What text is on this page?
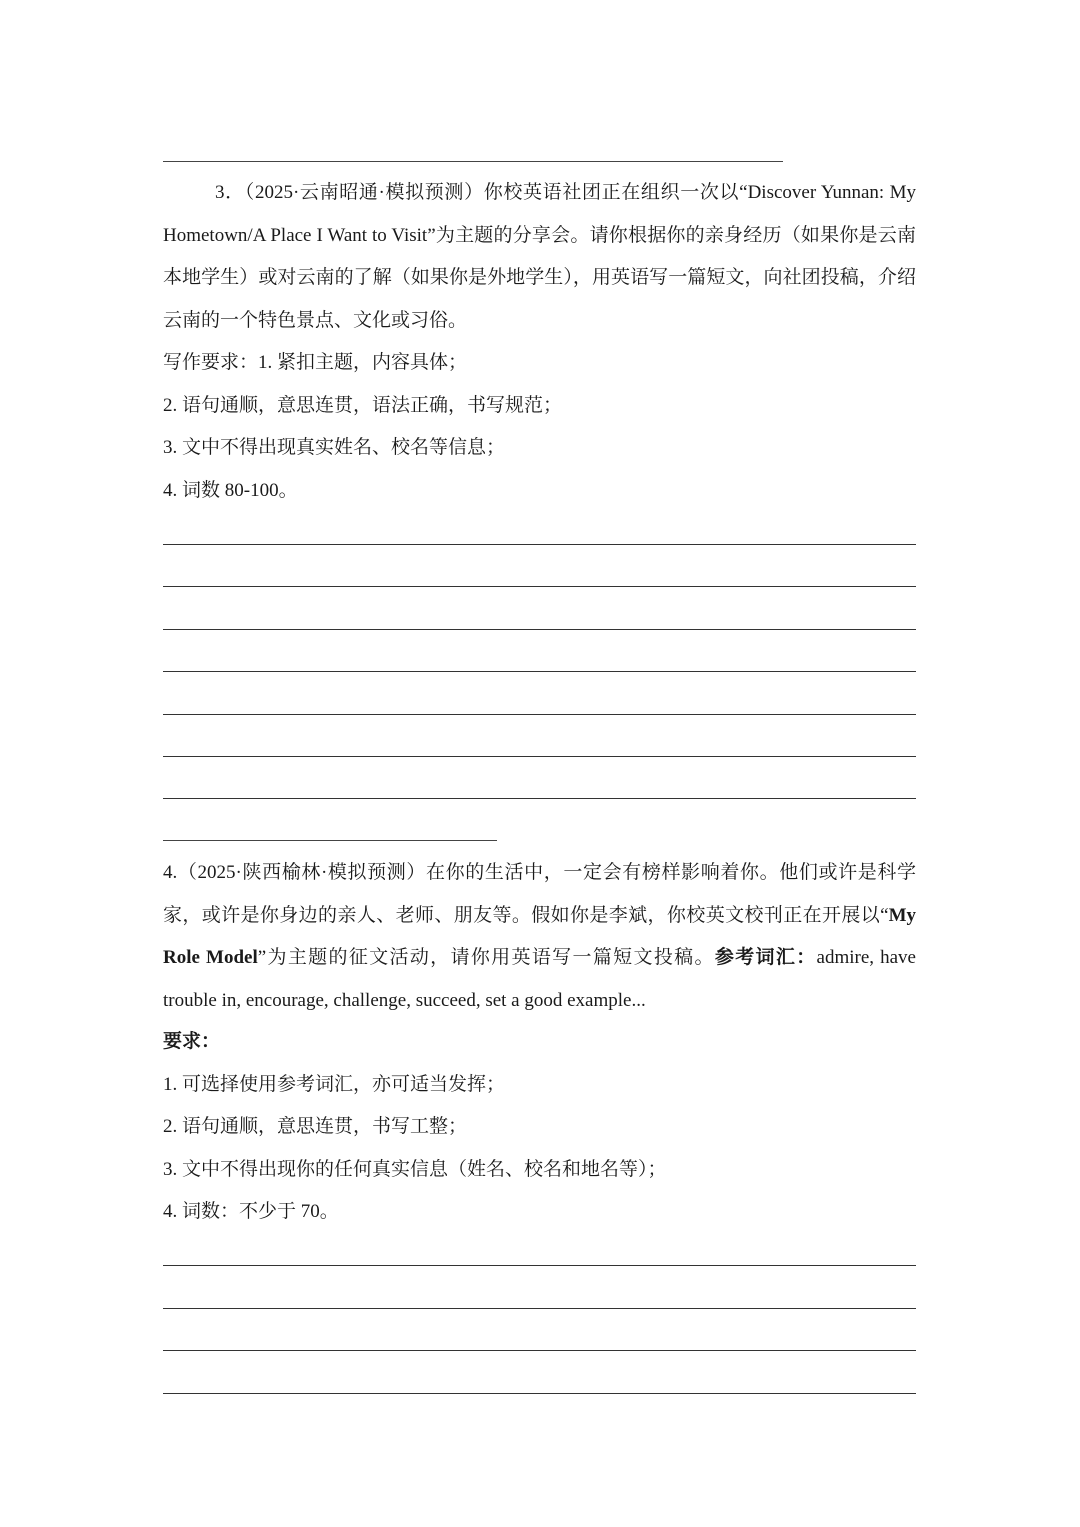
3．（2025·云南昭通·模拟预测）你校英语社团正在组织一次以“Discover Yunnan: My Hometown/A Place I Want to Visit”为主题的分享会。请你根据你的亲身经历（如果你是云南本地学生）或对云南的了解（如果你是外地学生），用英语写一篇短文，向社团投稿，介绍云南的一个特色景点、文化或习俗。

写作要求：1. 紧扣主题，内容具体；

2. 语句通顺，意思连贯，语法正确，书写规范；

3. 文中不得出现真实姓名、校名等信息；

4. 词数 80-100。

4.（2025·陕西榆林·模拟预测）在你的生活中，一定会有榜样影响着你。他们或许是科学家，或许是你身边的亲人、老师、朋友等。假如你是李斌，你校英文校刊正在开展以“My Role Model”为主题的征文活动，请你用英语写一篇短文投稿。参考词汇：admire, have trouble in, encourage, challenge, succeed, set a good example...

要求：

1. 可选择使用参考词汇，亦可适当发挥；

2. 语句通顺，意思连贯，书写工整；

3. 文中不得出现你的任何真实信息（姓名、校名和地名等）；

4. 词数：不少于 70。
